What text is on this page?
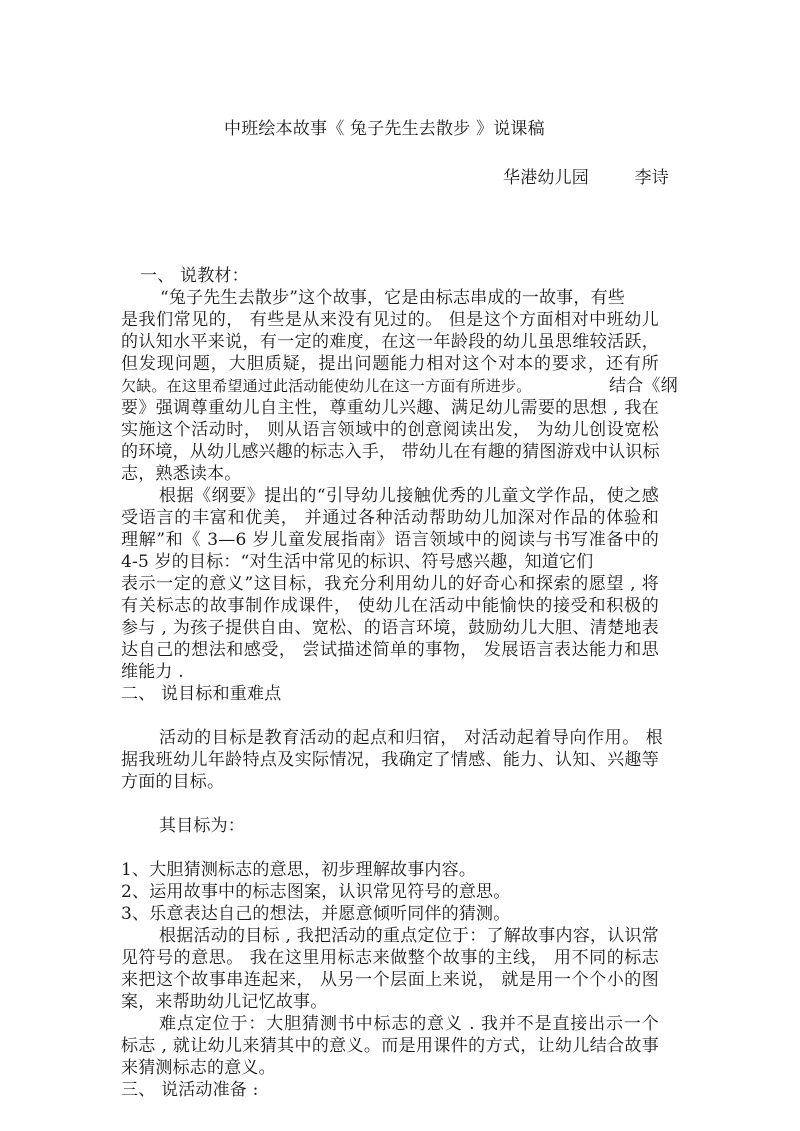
中班绘本故事《 兔子先生去散步 》说课稿
华港幼儿园 李诗
一、 说教材：
“兔子先生去散步”这个故事，它是由标志串成的一故事，有些
是我们常见的， 有些是从来没有见过的。 但是这个方面相对中班幼儿
的认知水平来说，有一定的难度，在这一年龄段的幼儿虽思维较活跃，
但发现问题，大胆质疑，提出问题能力相对这个对本的要求，还有所
欠缺。在这里希望通过此活动能使幼儿在这一方面有所进步。	结合《纲
要》强调尊重幼儿自主性，尊重幼儿兴趣、满足幼儿需要的思想 , 我在
实施这个活动时， 则从语言领域中的创意阅读出发， 为幼儿创设宽松
的环境，从幼儿感兴趣的标志入手， 带幼儿在有趣的猜图游戏中认识标
志，熟悉读本。
根据《纲要》提出的“引导幼儿接触优秀的儿童文学作品，使之感
受语言的丰富和优美， 并通过各种活动帮助幼儿加深对作品的体验和
理解”和《 3—6 岁儿童发展指南》语言领域中的阅读与书写准备中的
4-5 岁的目标：“对生活中常见的标识、符号感兴趣，知道它们
表示一定的意义”这目标，我充分利用幼儿的好奇心和探索的愿望 , 将
有关标志的故事制作成课件， 使幼儿在活动中能愉快的接受和积极的
参与 , 为孩子提供自由、宽松、的语言环境，鼓励幼儿大胆、清楚地表
达自己的想法和感受， 尝试描述简单的事物， 发展语言表达能力和思
维能力 .
二、 说目标和重难点
活动的目标是教育活动的起点和归宿， 对活动起着导向作用。 根
据我班幼儿年龄特点及实际情况，我确定了情感、能力、认知、兴趣等
方面的目标。
其目标为：
1、大胆猜测标志的意思，初步理解故事内容。
2、运用故事中的标志图案，认识常见符号的意思。
3、乐意表达自己的想法，并愿意倾听同伴的猜测。
根据活动的目标 , 我把活动的重点定位于：了解故事内容，认识常
见符号的意思。 我在这里用标志来做整个故事的主线， 用不同的标志
来把这个故事串连起来， 从另一个层面上来说， 就是用一个个小的图
案，来帮助幼儿记忆故事。
难点定位于：大胆猜测书中标志的意义 . 我并不是直接出示一个
标志 , 就让幼儿来猜其中的意义。而是用课件的方式，让幼儿结合故事
来猜测标志的意义。
三、 说活动准备 :
